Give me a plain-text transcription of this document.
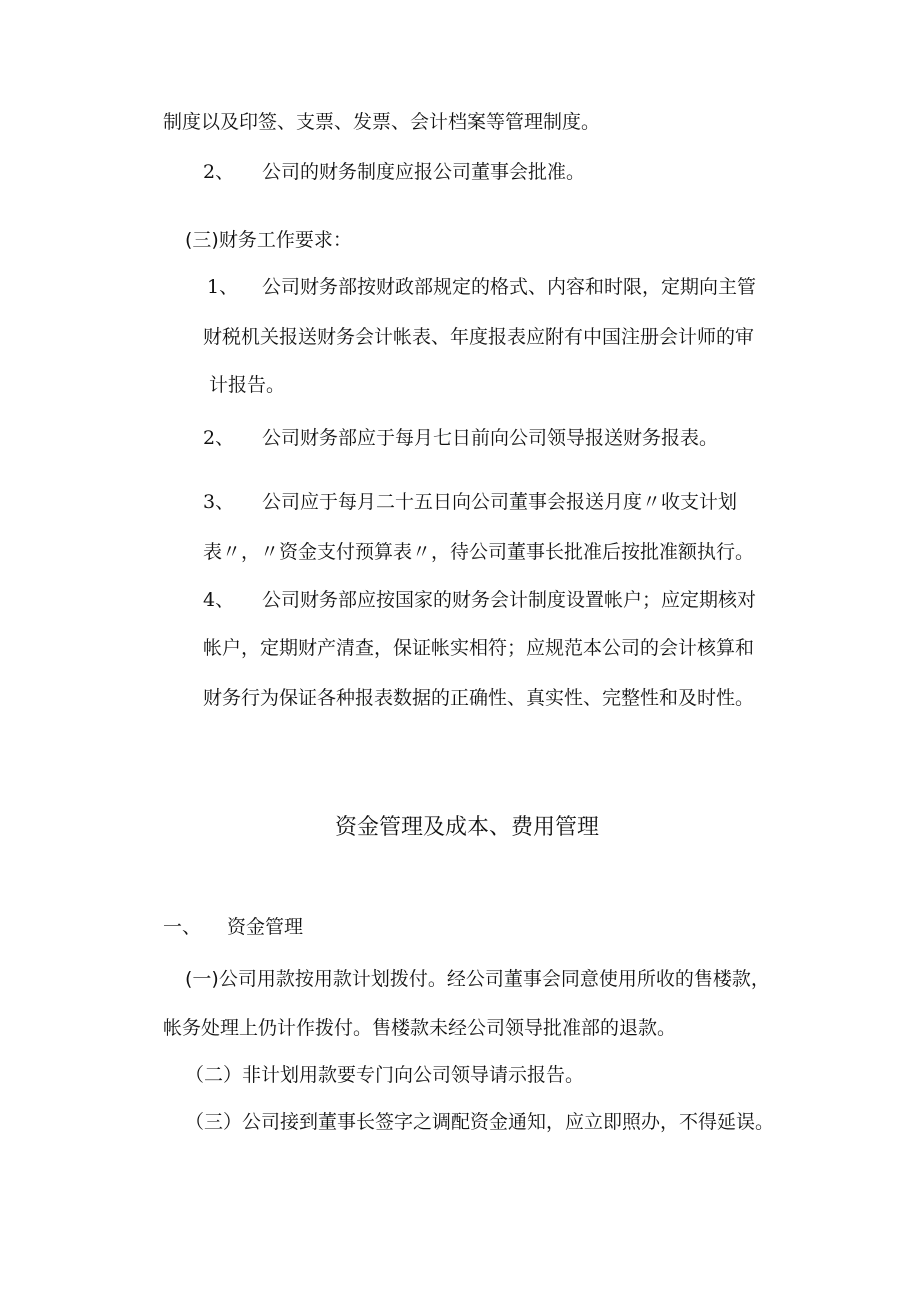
制度以及印签、支票、发票、会计档案等管理制度。
2、 公司的财务制度应报公司董事会批准。
(三)财务工作要求：
1、 公司财务部按财政部规定的格式、内容和时限，定期向主管
财税机关报送财务会计帐表、年度报表应附有中国注册会计师的审
计报告。
2、 公司财务部应于每月七日前向公司领导报送财务报表。
3、 公司应于每月二十五日向公司董事会报送月度〃收支计划
表〃，〃资金支付预算表〃，待公司董事长批准后按批准额执行。
4、 公司财务部应按国家的财务会计制度设置帐户；应定期核对
帐户，定期财产清查，保证帐实相符；应规范本公司的会计核算和
财务行为保证各种报表数据的正确性、真实性、完整性和及时性。
资金管理及成本、费用管理
一、 资金管理
(一)公司用款按用款计划拨付。经公司董事会同意使用所收的售楼款，
帐务处理上仍计作拨付。售楼款未经公司领导批准部的退款。
（二）非计划用款要专门向公司领导请示报告。
（三）公司接到董事长签字之调配资金通知，应立即照办，不得延误。
